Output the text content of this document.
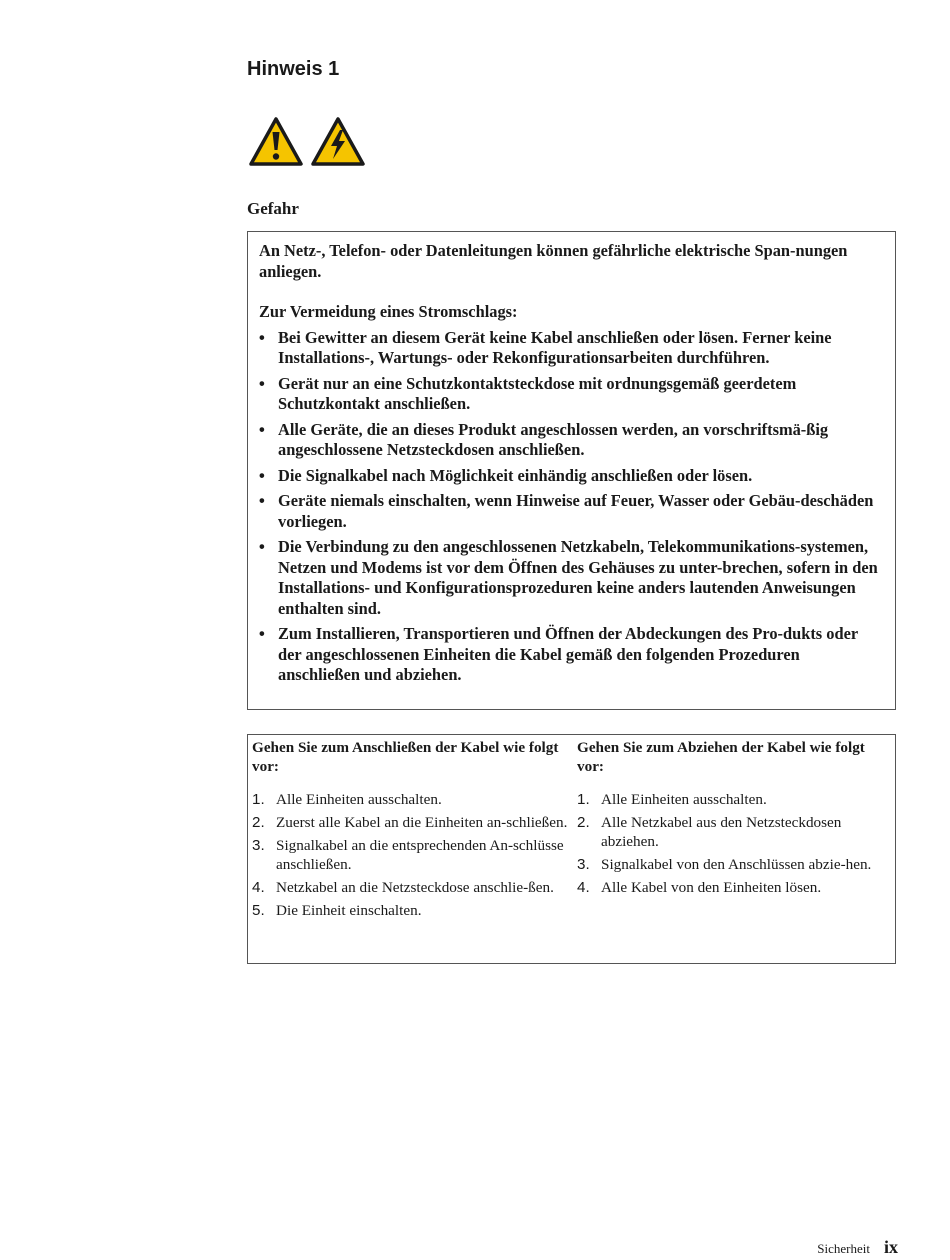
Hinweis 1

Gefahr

An Netz-, Telefon- oder Datenleitungen können gefährliche elektrische Span-nungen anliegen.

Zur Vermeidung eines Stromschlags:

• Bei Gewitter an diesem Gerät keine Kabel anschließen oder lösen. Ferner keine Installations-, Wartungs- oder Rekonfigurationsarbeiten durchführen.
• Gerät nur an eine Schutzkontaktsteckdose mit ordnungsgemäß geerdetem Schutzkontakt anschließen.
• Alle Geräte, die an dieses Produkt angeschlossen werden, an vorschriftsmä-ßig angeschlossene Netzsteckdosen anschließen.
• Die Signalkabel nach Möglichkeit einhändig anschließen oder lösen.
• Geräte niemals einschalten, wenn Hinweise auf Feuer, Wasser oder Gebäu-deschäden vorliegen.
• Die Verbindung zu den angeschlossenen Netzkabeln, Telekommunikations-systemen, Netzen und Modems ist vor dem Öffnen des Gehäuses zu unter-brechen, sofern in den Installations- und Konfigurationsprozeduren keine anders lautenden Anweisungen enthalten sind.
• Zum Installieren, Transportieren und Öffnen der Abdeckungen des Pro-dukts oder der angeschlossenen Einheiten die Kabel gemäß den folgenden Prozeduren anschließen und abziehen.
Gehen Sie zum Anschließen der Kabel wie folgt vor:
1. Alle Einheiten ausschalten.
2. Zuerst alle Kabel an die Einheiten an-schließen.
3. Signalkabel an die entsprechenden An-schlüsse anschließen.
4. Netzkabel an die Netzsteckdose anschlie-ßen.
5. Die Einheit einschalten.
Gehen Sie zum Abziehen der Kabel wie folgt vor:
1. Alle Einheiten ausschalten.
2. Alle Netzkabel aus den Netzsteckdosen abziehen.
3. Signalkabel von den Anschlüssen abzie-hen.
4. Alle Kabel von den Einheiten lösen.
Sicherheit ix
